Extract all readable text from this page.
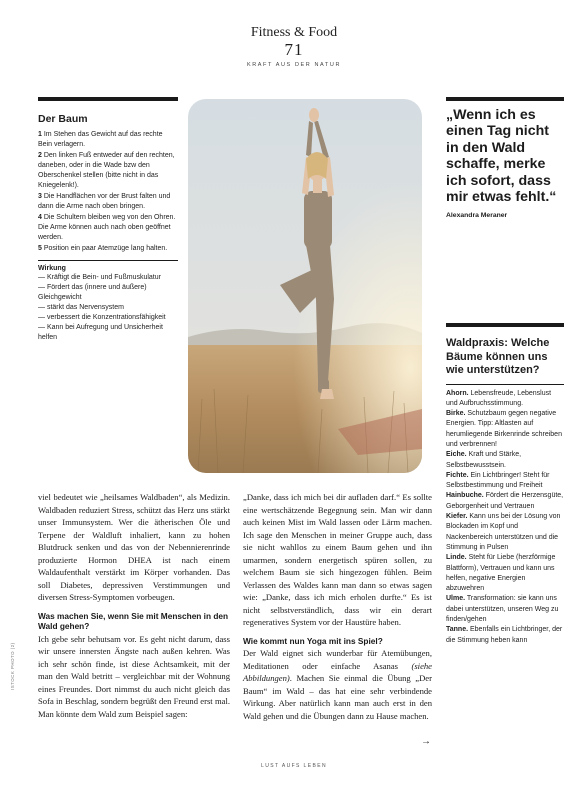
Fitness & Food
71
KRAFT AUS DER NATUR
Der Baum
1 Im Stehen das Gewicht auf das rechte Bein verlagern.
2 Den linken Fuß entweder auf den rechten, daneben, oder in die Wade bzw den Oberschenkel stellen (bitte nicht in das Kniegelenk!).
3 Die Handflächen vor der Brust falten und dann die Arme nach oben bringen.
4 Die Schultern bleiben weg von den Ohren. Die Arme können auch nach oben geöffnet werden.
5 Position ein paar Atemzüge lang halten.
Wirkung
— Kräftigt die Bein- und Fußmuskulatur
— Fördert das (innere und äußere) Gleichgewicht
— stärkt das Nervensystem
— verbessert die Konzentrationsfähigkeit
— Kann bei Aufregung und Unsicherheit helfen
„Wenn ich es einen Tag nicht in den Wald schaffe, merke ich sofort, dass mir etwas fehlt.“
Alexandra Meraner
Waldpraxis: Welche Bäume können uns wie unterstützen?
Ahorn. Lebensfreude, Lebenslust und Aufbruchsstimmung.
Birke. Schutzbaum gegen negative Energien. Tipp: Altlasten auf herumliegende Birkenrinde schreiben und verbrennen!
Eiche. Kraft und Stärke, Selbstbewusstsein.
Fichte. Ein Lichtbringer! Steht für Selbstbestimmung und Freiheit
Hainbuche. Fördert die Herzensgüte, Geborgenheit und Vertrauen
Kiefer. Kann uns bei der Lösung von Blockaden im Kopf und Nackenbereich unterstützen und die Stimmung in Pulsen
Linde. Steht für Liebe (herzförmige Blattform), Vertrauen und kann uns helfen, negative Energien abzuwehren
Ulme. Transformation: sie kann uns dabei unterstützen, unseren Weg zu finden/gehen
Tanne. Ebenfalls ein Lichtbringer, der die Stimmung heben kann

viel bedeutet wie „heilsames Waldbaden“, als Medizin. Waldbaden reduziert Stress, schützt das Herz uns stärkt unser Immunsystem. Wer die ätherischen Öle und Terpene der Waldluft inhaliert, kann zu hohen Blutdruck senken und das von der Nebennierenrinde produzierte Hormon DHEA ist nach einem Waldaufenthalt verstärkt im Körper vorhanden. Das soll Diabetes, depressiven Verstimmungen und diversen Stress-Symptomen vorbeugen.

Was machen Sie, wenn Sie mit Menschen in den Wald gehen?

Ich gebe sehr behutsam vor. Es geht nicht darum, dass wir unsere innersten Ängste nach außen kehren. Was ich sehr schön finde, ist diese Achtsamkeit, mit der man den Wald betritt – vergleichbar mit der Wohnung eines Freundes. Dort nimmst du auch nicht gleich das Sofa in Beschlag, sondern begrüßt den Freund erst mal. Man könnte dem Wald zum Beispiel sagen:

„Danke, dass ich mich bei dir aufladen darf.“ Es sollte eine wertschätzende Begegnung sein. Man wir dann auch keinen Mist im Wald lassen oder Lärm machen. Ich sage den Menschen in meiner Gruppe auch, dass sie nicht wahllos zu einem Baum gehen und ihn umarmen, sondern energetisch spüren sollen, zu welchem Baum sie sich hingezogen fühlen. Beim Verlassen des Waldes kann man dann so etwas sagen wie: „Danke, dass ich mich erholen durfte.“ Es ist nicht selbstverständlich, dass wir ein derart regeneratives System vor der Haustüre haben.

Wie kommt nun Yoga mit ins Spiel?

Der Wald eignet sich wunderbar für Atemübungen, Meditationen oder einfache Asanas (siehe Abbildungen). Machen Sie einmal die Übung „Der Baum“ im Wald – das hat eine sehr verbindende Wirkung. Aber natürlich kann man auch erst in den Wald gehen und die Übungen dann zu Hause machen.

→
ISTOCK PHOTO (2)
LUST AUFS LEBEN
